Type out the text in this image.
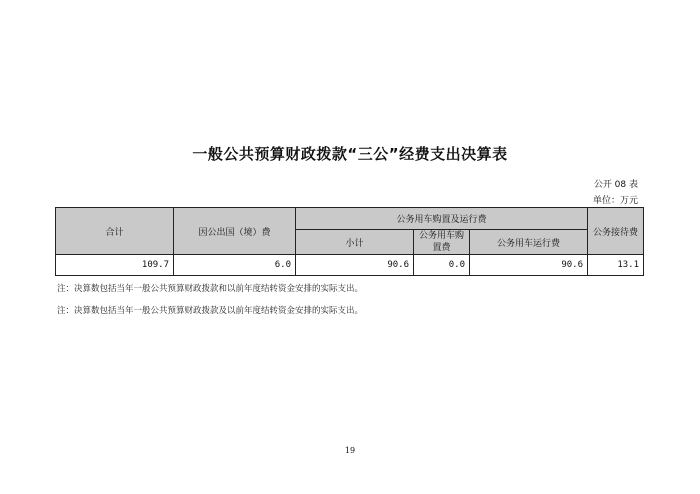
一般公共预算财政拨款“三公”经费支出决算表
公开 08 表
单位：万元
合计	因公出国（境）费	公务用车购置及运行费			公务接待费
		小计	公务用车购置费	公务用车运行费	
109.7	6.0	90.6	0.0	90.6	13.1
注：决算数包括当年一般公共预算财政拨款和以前年度结转资金安排的实际支出。
注：决算数包括当年一般公共预算财政拨款及以前年度结转资金安排的实际支出。
19
